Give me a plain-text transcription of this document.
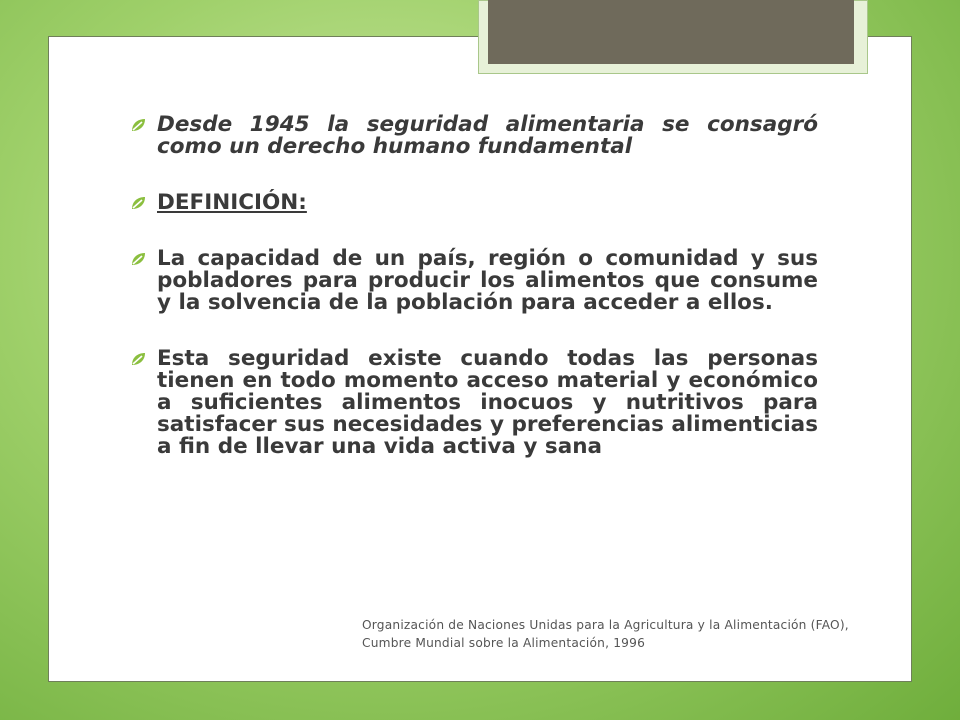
Desde 1945 la seguridad alimentaria se consagró como un derecho humano fundamental

DEFINICIÓN:

La capacidad de un país, región o comunidad y sus pobladores para producir los alimentos que consume y la solvencia de la población para acceder a ellos.

Esta seguridad existe cuando todas las personas tienen en todo momento acceso material y económico a suficientes alimentos inocuos y nutritivos para satisfacer sus necesidades y preferencias alimenticias a fin de llevar una vida activa y sana

Organización de Naciones Unidas para la Agricultura y la Alimentación (FAO), Cumbre Mundial sobre la Alimentación, 1996
